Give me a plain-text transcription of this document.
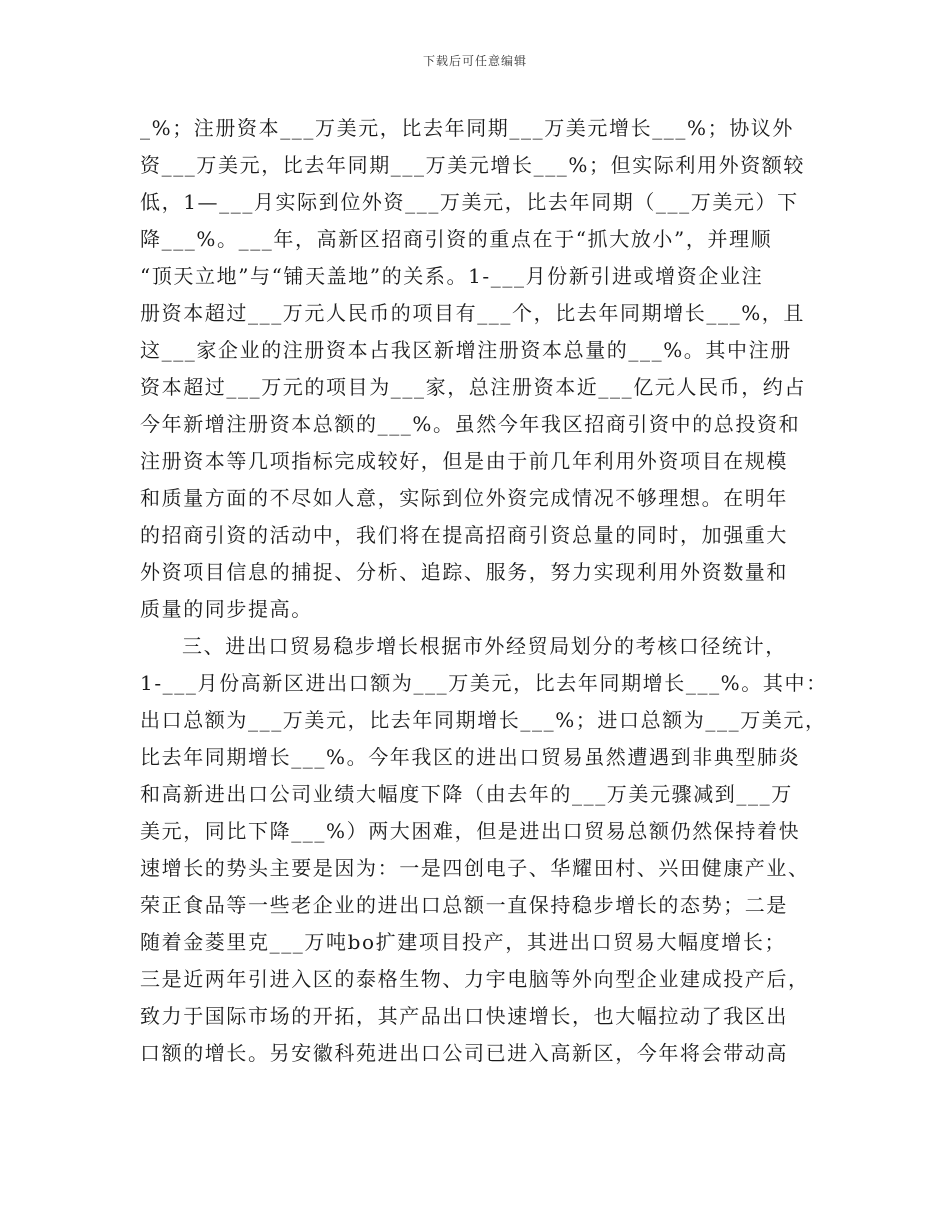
下载后可任意编辑
_%；注册资本___万美元，比去年同期___万美元增长___%；协议外
资___万美元，比去年同期___万美元增长___%；但实际利用外资额较
低，1—___月实际到位外资___万美元，比去年同期（___万美元）下
降___%。___年，高新区招商引资的重点在于“抓大放小”，并理顺
“顶天立地”与“铺天盖地”的关系。1-___月份新引进或增资企业注
册资本超过___万元人民币的项目有___个，比去年同期增长___%，且
这___家企业的注册资本占我区新增注册资本总量的___%。其中注册
资本超过___万元的项目为___家，总注册资本近___亿元人民币，约占
今年新增注册资本总额的___%。虽然今年我区招商引资中的总投资和
注册资本等几项指标完成较好，但是由于前几年利用外资项目在规模
和质量方面的不尽如人意，实际到位外资完成情况不够理想。在明年
的招商引资的活动中，我们将在提高招商引资总量的同时，加强重大
外资项目信息的捕捉、分析、追踪、服务，努力实现利用外资数量和
质量的同步提高。
三、进出口贸易稳步增长根据市外经贸局划分的考核口径统计，
1-___月份高新区进出口额为___万美元，比去年同期增长___%。其中：
出口总额为___万美元，比去年同期增长___%；进口总额为___万美元，
比去年同期增长___%。今年我区的进出口贸易虽然遭遇到非典型肺炎
和高新进出口公司业绩大幅度下降（由去年的___万美元骤减到___万
美元，同比下降___%）两大困难，但是进出口贸易总额仍然保持着快
速增长的势头主要是因为：一是四创电子、华耀田村、兴田健康产业、
荣正食品等一些老企业的进出口总额一直保持稳步增长的态势；二是
随着金菱里克___万吨bo扩建项目投产，其进出口贸易大幅度增长；
三是近两年引进入区的泰格生物、力宇电脑等外向型企业建成投产后，
致力于国际市场的开拓，其产品出口快速增长，也大幅拉动了我区出
口额的增长。另安徽科苑进出口公司已进入高新区，今年将会带动高
